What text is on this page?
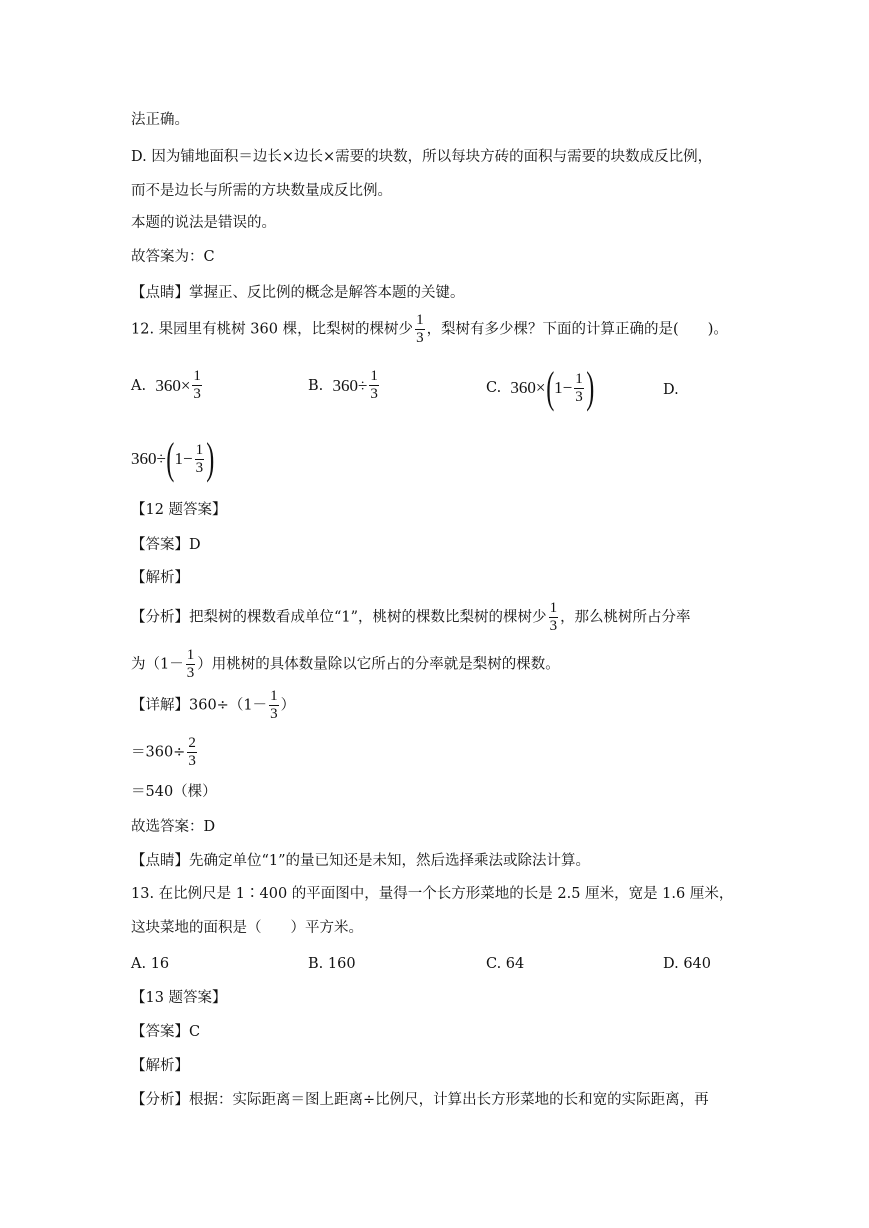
法正确。
D. 因为铺地面积＝边长×边长×需要的块数，所以每块方砖的面积与需要的块数成反比例，
而不是边长与所需的方块数量成反比例。
本题的说法是错误的。
故答案为：C
【点睛】掌握正、反比例的概念是解答本题的关键。
12. 果园里有桃树 360 棵，比梨树的棵树少 $\frac{1}{3}$ ，梨树有多少棵？下面的计算正确的是(　　)。
A.
$360 \times \frac{1}{3}$	B.
$360 \div \frac{1}{3}$	C.
360 × ( $1- \frac{1}{3}$ )	D.
360 ÷ ( $1- \frac{1}{3}$ )
【12 题答案】
【答案】D
【解析】
【分析】把梨树的棵数看成单位“1”，桃树的棵数比梨树的棵树少 $\frac{1}{3}$ ，那么桃树所占分率
为（$1- \frac{1}{3}$ ）用桃树的具体数量除以它所占的分率就是梨树的棵数。
【详解】$360\div(1- \frac{1}{3}$ ）
$=360\div \frac{2}{3}$
＝540（棵）
故选答案：D
【点睛】先确定单位“1”的量已知还是未知，然后选择乘法或除法计算。
13. 在比例尺是 1∶400 的平面图中，量得一个长方形菜地的长是 2.5 厘米，宽是 1.6 厘米，
这块菜地的面积是（　　）平方米。
A. 16	B. 160	C. 64	D. 640
【13 题答案】
【答案】C
【解析】
【分析】根据：实际距离＝图上距离÷比例尺，计算出长方形菜地的长和宽的实际距离，再
